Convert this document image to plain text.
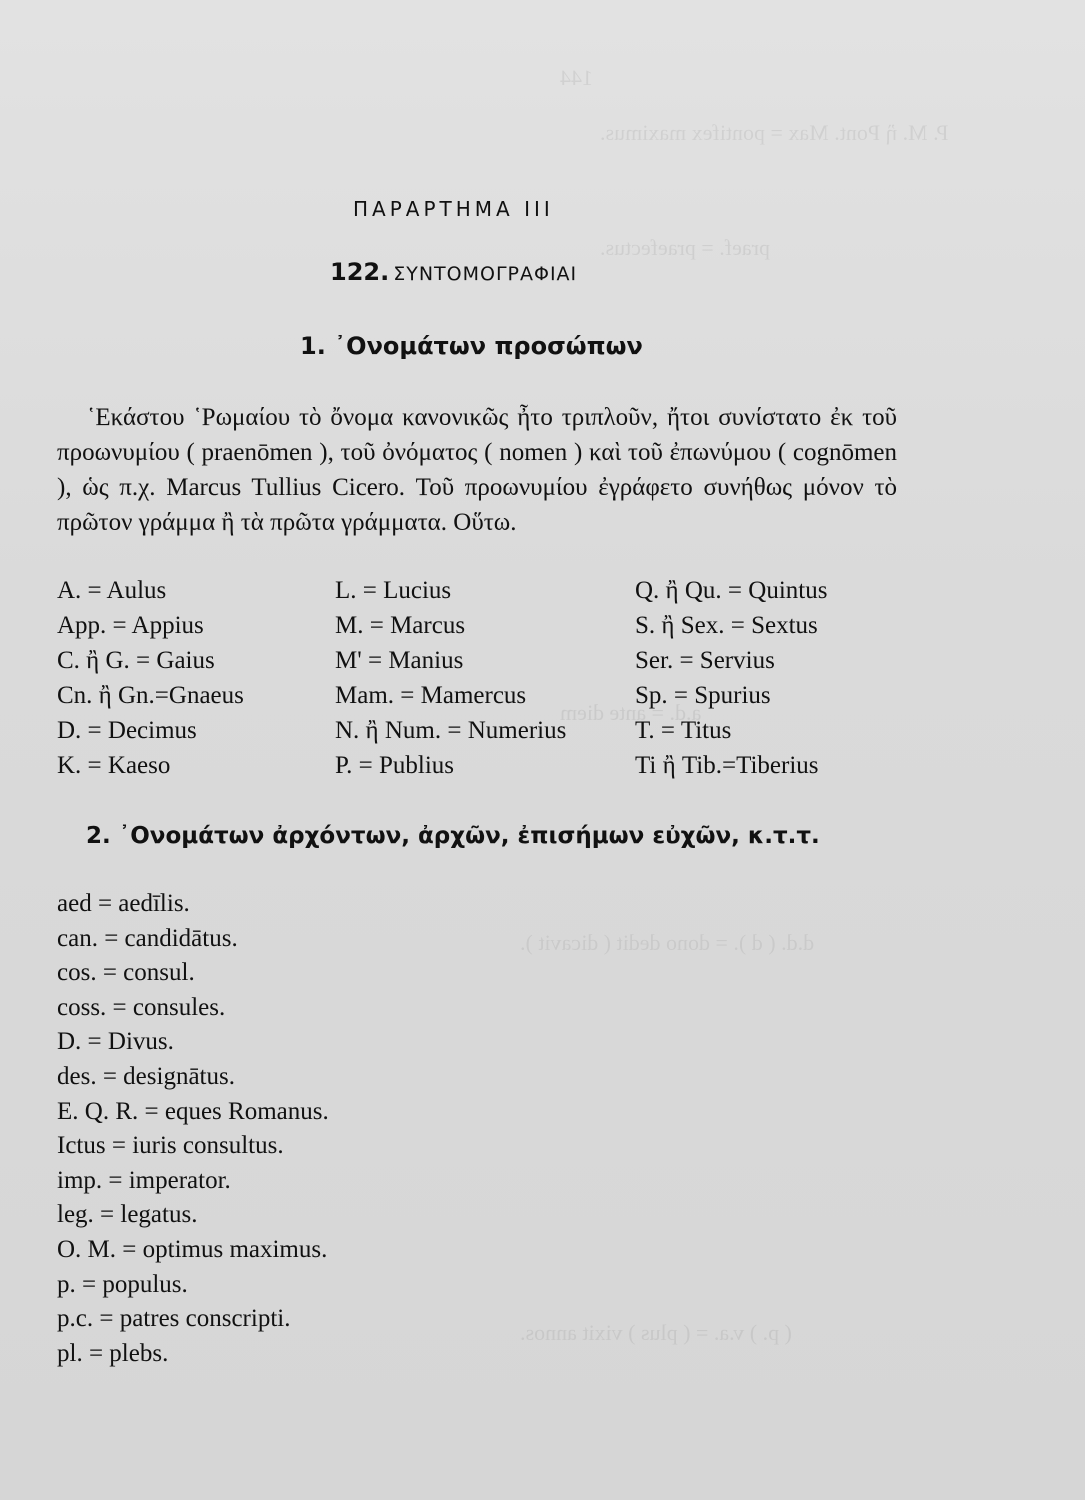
144
P. M. ἢ Pont. Max = pontifex maximus.
praef. = praefectus.
a.d. = ante diem
d.d. ( d ). = dono dedit ( dicavit ).
( p. ) v.a. = ( plus ) vixit annos.
ΠΑΡΑΡΤΗΜΑ III
122. ΣΥΝΤΟΜΟΓΡΑΦΙΑΙ
1. ᾿Ονομάτων προσώπων

῾Εκάστου ῾Ρωμαίου τὸ ὄνομα κανονικῶς ἦτο τριπλοῦν, ἤτοι συνίστατο ἐκ τοῦ προωνυμίου ( praenōmen ), τοῦ ὀνόματος ( nomen ) καὶ τοῦ ἐπωνύμου ( cognōmen ), ὡς π.χ. Marcus Tullius Cicero. Τοῦ προωνυμίου ἐγράφετο συνήθως μόνον τὸ πρῶτον γράμμα ἢ τὰ πρῶτα γράμματα. Οὕτω.

A. = Aulus	L. = Lucius	Q. ἢ Qu. = Quintus
App. = Appius	M. = Marcus	S. ἢ Sex. = Sextus
C. ἢ G. = Gaius	M' = Manius	Ser. = Servius
Cn. ἢ Gn.=Gnaeus	Mam. = Mamercus	Sp. = Spurius
D. = Decimus	N. ἢ Num. = Numerius	T. = Titus
K. = Kaeso	P. = Publius	Ti ἢ Tib.=Tiberius
2. ᾿Ονομάτων ἀρχόντων, ἀρχῶν, ἐπισήμων εὐχῶν, κ.τ.τ.
aed = aedīlis.
can. = candidātus.
cos. = consul.
coss. = consules.
D. = Divus.
des. = designātus.
E. Q. R. = eques Romanus.
Ictus = iuris consultus.
imp. = imperator.
leg. = legatus.
O. M. = optimus maximus.
p. = populus.
p.c. = patres conscripti.
pl. = plebs.
